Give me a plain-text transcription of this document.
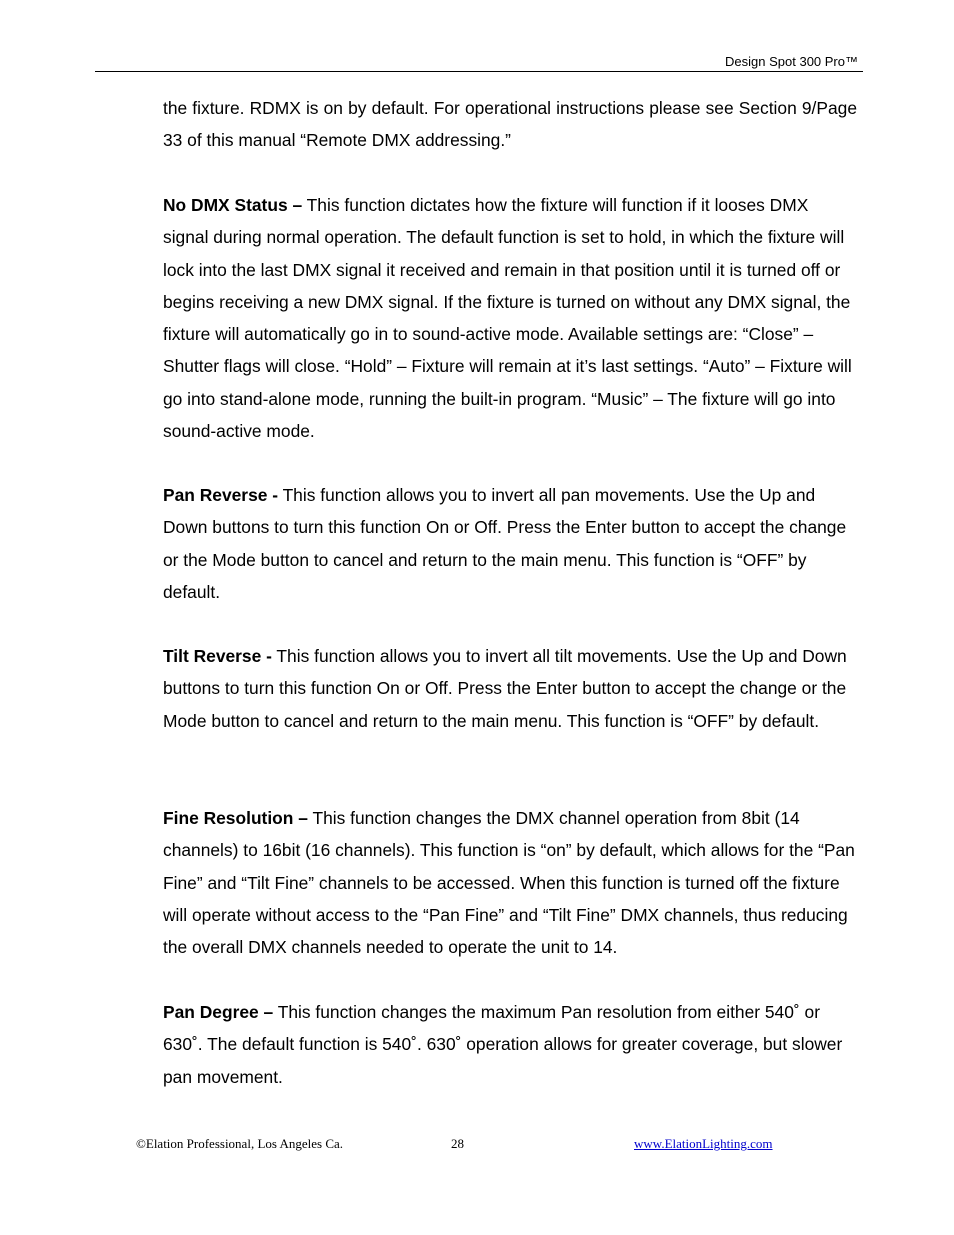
Design Spot 300 Pro™

the fixture. RDMX is on by default. For operational instructions please see Section 9/Page 33 of this manual “Remote DMX addressing.”

No DMX Status – This function dictates how the fixture will function if it looses DMX signal during normal operation. The default function is set to hold, in which the fixture will lock into the last DMX signal it received and remain in that position until it is turned off or begins receiving a new DMX signal. If the fixture is turned on without any DMX signal, the fixture will automatically go in to sound-active mode. Available settings are: “Close” – Shutter flags will close. “Hold” – Fixture will remain at it’s last settings. “Auto” – Fixture will go into stand-alone mode, running the built-in program. “Music” – The fixture will go into sound-active mode.

Pan Reverse - This function allows you to invert all pan movements. Use the Up and Down buttons to turn this function On or Off. Press the Enter button to accept the change or the Mode button to cancel and return to the main menu. This function is “OFF” by default.

Tilt Reverse - This function allows you to invert all tilt movements. Use the Up and Down buttons to turn this function On or Off. Press the Enter button to accept the change or the Mode button to cancel and return to the main menu. This function is “OFF” by default.

Fine Resolution – This function changes the DMX channel operation from 8bit (14 channels) to 16bit (16 channels). This function is “on” by default, which allows for the “Pan Fine” and “Tilt Fine” channels to be accessed. When this function is turned off the fixture will operate without access to the “Pan Fine” and “Tilt Fine” DMX channels, thus reducing the overall DMX channels needed to operate the unit to 14.

Pan Degree – This function changes the maximum Pan resolution from either 540˚ or 630˚. The default function is 540˚. 630˚ operation allows for greater coverage, but slower pan movement.

©Elation Professional, Los Angeles Ca.	28	www.ElationLighting.com
